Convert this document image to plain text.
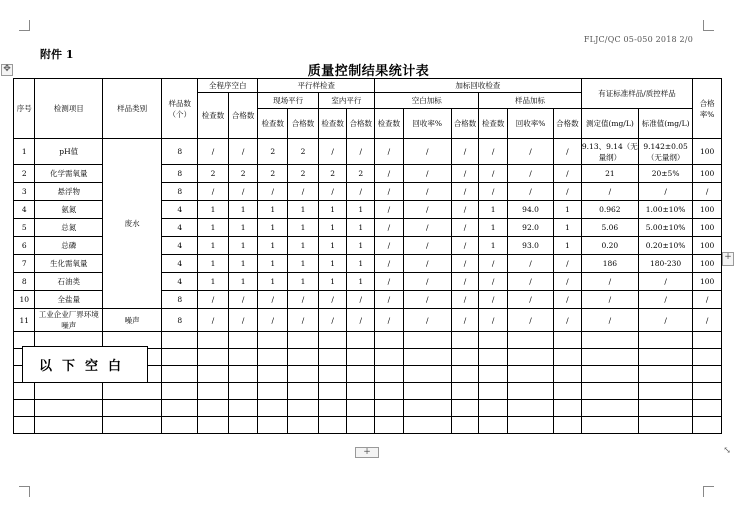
FLJC/QC 05-050 2018 2/0
附件 1
质量控制结果统计表
✥
+
+	⤡
序号	检测项目	样品类别	样品数（个）	全程序空白		平行样检查				加标回收检查						有证标准样品/质控样品		合格率%
				检查数	合格数	现场平行		室内平行		空白加标			样品加标					
						检查数	合格数	检查数	合格数	检查数	回收率%	合格数	检查数	回收率%	合格数	测定值(mg/L)	标准值(mg/L)	
1	pH值	废水	8	/	/	2	2	/	/	/	/	/	/	/	/	9.13、9.14（无量纲）	9.142±0.05（无量纲）	100
2	化学需氧量		8	2	2	2	2	2	2	/	/	/	/	/	/	21	20±5%	100
3	悬浮物		8	/	/	/	/	/	/	/	/	/	/	/	/	/	/	/
4	氨氮		4	1	1	1	1	1	1	/	/	/	1	94.0	1	0.962	1.00±10%	100
5	总氮		4	1	1	1	1	1	1	/	/	/	1	92.0	1	5.06	5.00±10%	100
6	总磷		4	1	1	1	1	1	1	/	/	/	1	93.0	1	0.20	0.20±10%	100
7	生化需氧量		4	1	1	1	1	1	1	/	/	/	/	/	/	186	180-230	100
8	石油类		4	1	1	1	1	1	1	/	/	/	/	/	/	/	/	100
10	全盐量		8	/	/	/	/	/	/	/	/	/	/	/	/	/	/	/
11	工业企业厂界环境噪声	噪声	8	/	/	/	/	/	/	/	/	/	/	/	/	/	/	/

以下空白
